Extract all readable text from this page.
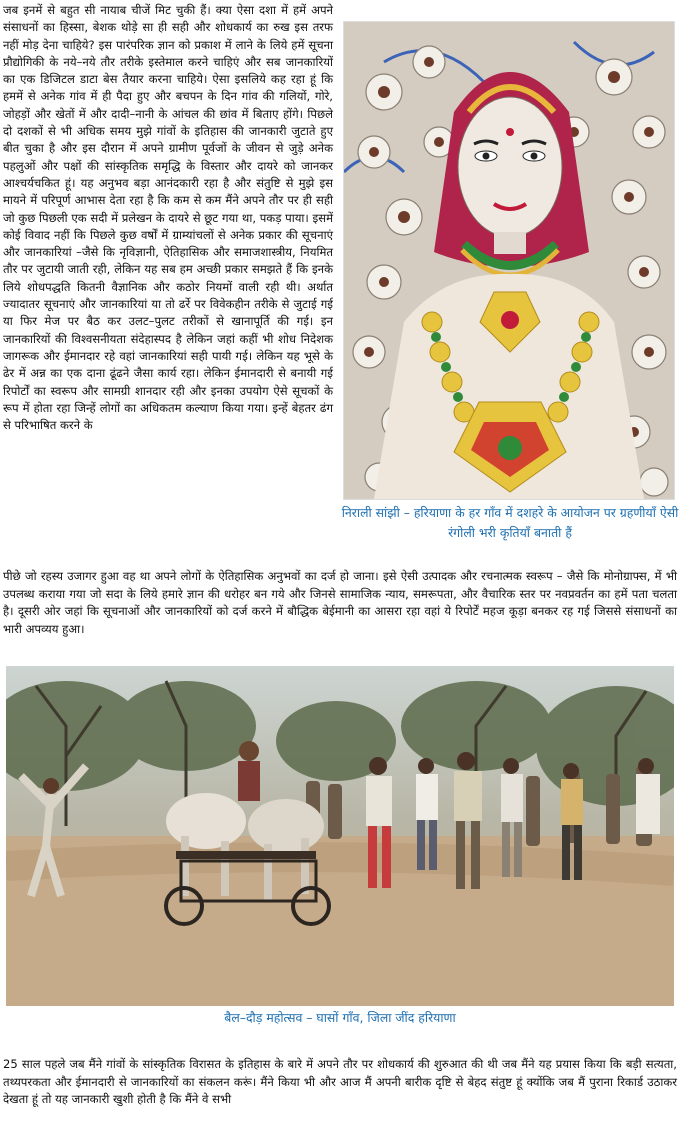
जब इनमें से बहुत सी नायाब चीजें मिट चुकी हैं। क्या ऐसा दशा में हमें अपने संसाधनों का हिस्सा, बेशक थोड़े सा ही सही और शोधकार्य का रुख इस तरफ नहीं मोड़ देना चाहिये? इस पारंपरिक ज्ञान को प्रकाश में लाने के लिये हमें सूचना प्रौद्योगिकी के नये–नये तौर तरीके इस्तेमाल करने चाहिएं और सब जानकारियों का एक डिजिटल डाटा बेस तैयार करना चाहिये। ऐसा इसलिये कह रहा हूं कि हममें से अनेक गांव में ही पैदा हुए और बचपन के दिन गांव की गलियों, गोरे, जोहड़ों और खेतों में और दादी–नानी के आंचल की छांव में बिताए होंगे। पिछले दो दशकों से भी अधिक समय मुझे गांवों के इतिहास की जानकारी जुटाते हुए बीत चुका है और इस दौरान में अपने ग्रामीण पूर्वजों के जीवन से जुड़े अनेक पहलुओं और पक्षों की सांस्कृतिक समृद्धि के विस्तार और दायरे को जानकर आश्चर्यचकित हूं। यह अनुभव बड़ा आनंदकारी रहा है और संतुष्टि से मुझे इस मायने में परिपूर्ण आभास देता रहा है कि कम से कम मैंने अपने तौर पर ही सही जो कुछ पिछली एक सदी में प्रलेखन के दायरे से छूट गया था, पकड़ पाया। इसमें कोई विवाद नहीं कि पिछले कुछ वर्षों में ग्राम्यांचलों से अनेक प्रकार की सूचनाएं और जानकारियां –जैसे कि नृविज्ञानी, ऐतिहासिक और समाजशास्त्रीय, नियमित तौर पर जुटायी जाती रही, लेकिन यह सब हम अच्छी प्रकार समझते हैं कि इनके लिये शोधपद्धति कितनी वैज्ञानिक और कठोर नियमों वाली रही थी। अर्थात ज्यादातर सूचनाएं और जानकारियां या तो ढर्रे पर विवेकहीन तरीके से जुटाई गई या फिर मेज पर बैठ कर उलट–पुलट तरीकों से खानापूर्ति की गई। इन जानकारियों की विश्वसनीयता संदेहास्पद है लेकिन जहां कहीं भी शोध निदेशक जागरूक और ईमानदार रहे वहां जानकारियां सही पायी गई। लेकिन यह भूसे के ढेर में अन्न का एक दाना ढूंढने जैसा कार्य रहा। लेकिन ईमानदारी से बनायी गई रिपोर्टों का स्वरूप और सामग्री शानदार रही और इनका उपयोग ऐसे सूचकों के रूप में होता रहा जिन्हें लोगों का अधिकतम कल्याण किया गया। इन्हें बेहतर ढंग से परिभाषित करने के

निराली सांझी – हरियाणा के हर गाँव में दशहरे के आयोजन पर ग्रहणीयाँ ऐसी रंगोली भरी कृतियाँ बनाती हैं

पीछे जो रहस्य उजागर हुआ वह था अपने लोगों के ऐतिहासिक अनुभवों का दर्ज हो जाना। इसे ऐसी उत्पादक और रचनात्मक स्वरूप – जैसे कि मोनोग्राफ्स, में भी उपलब्ध कराया गया जो सदा के लिये हमारे ज्ञान की धरोहर बन गये और जिनसे सामाजिक न्याय, समरूपता, और वैचारिक स्तर पर नवप्रवर्तन का हमें पता चलता है। दूसरी ओर जहां कि सूचनाओं और जानकारियों को दर्ज करने में बौद्धिक बेईमानी का आसरा रहा वहां ये रिपोर्टें महज कूड़ा बनकर रह गई जिससे संसाधनों का भारी अपव्यय हुआ।

बैल–दौड़ महोत्सव – घासों गाँव, जिला जींद हरियाणा

25 साल पहले जब मैंने गांवों के सांस्कृतिक विरासत के इतिहास के बारे में अपने तौर पर शोधकार्य की शुरुआत की थी जब मैंने यह प्रयास किया कि बड़ी सत्यता, तथ्यपरकता और ईमानदारी से जानकारियों का संकलन करूं। मैंने किया भी और आज मैं अपनी बारीक दृष्टि से बेहद संतुष्ट हूं क्योंकि जब मैं पुराना रिकार्ड उठाकर देखता हूं तो यह जानकारी खुशी होती है कि मैंने वे सभी
